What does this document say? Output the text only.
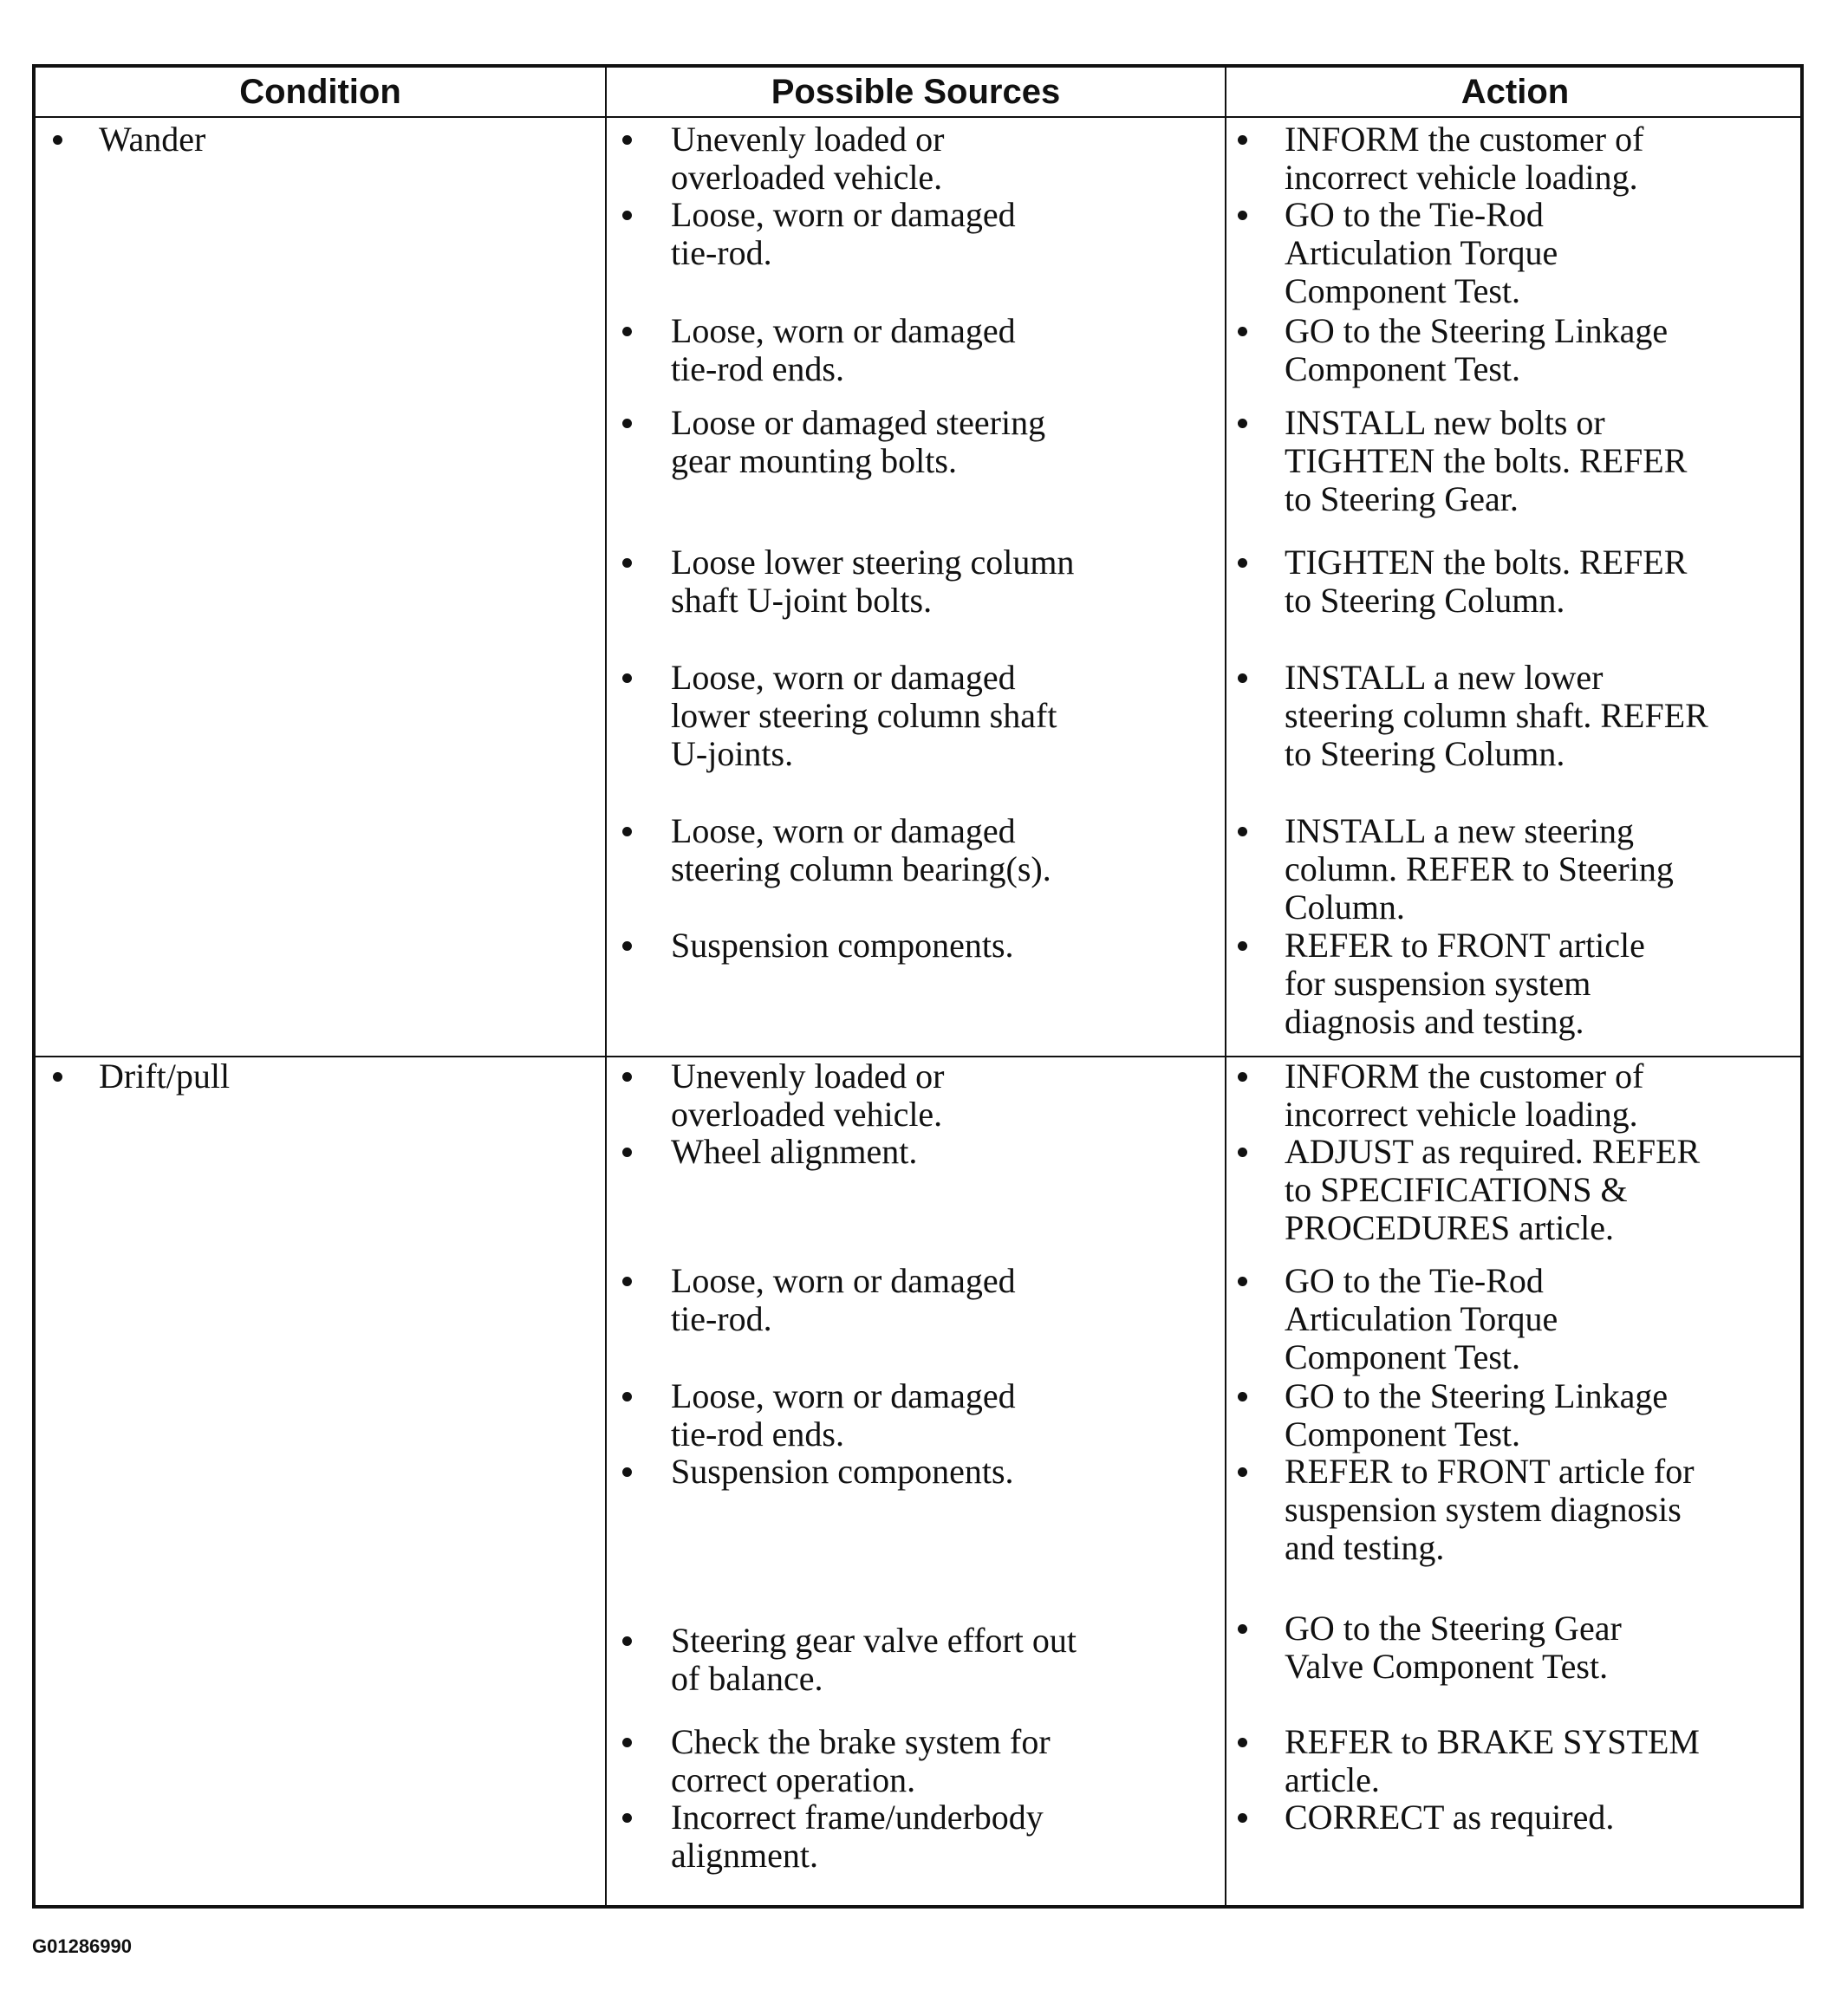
Condition	Possible Sources	Action
Wander
Drift/pull
Unevenly loaded or
overloaded vehicle.
Loose, worn or damaged
tie-rod.
Loose, worn or damaged
tie-rod ends.
Loose or damaged steering
gear mounting bolts.
Loose lower steering column
shaft U-joint bolts.
Loose, worn or damaged
lower steering column shaft
U-joints.
Loose, worn or damaged
steering column bearing(s).
Suspension components.
Unevenly loaded or
overloaded vehicle.
Wheel alignment.
Loose, worn or damaged
tie-rod.
Loose, worn or damaged
tie-rod ends.
Suspension components.
Steering gear valve effort out
of balance.
Check the brake system for
correct operation.
Incorrect frame/underbody
alignment.
INFORM the customer of
incorrect vehicle loading.
GO to the Tie-Rod
Articulation Torque
Component Test.
GO to the Steering Linkage
Component Test.
INSTALL new bolts or
TIGHTEN the bolts. REFER
to Steering Gear.
TIGHTEN the bolts. REFER
to Steering Column.
INSTALL a new lower
steering column shaft. REFER
to Steering Column.
INSTALL a new steering
column. REFER to Steering
Column.
REFER to FRONT article
for suspension system
diagnosis and testing.
INFORM the customer of
incorrect vehicle loading.
ADJUST as required. REFER
to SPECIFICATIONS &
PROCEDURES article.
GO to the Tie-Rod
Articulation Torque
Component Test.
GO to the Steering Linkage
Component Test.
REFER to FRONT article for
suspension system diagnosis
and testing.
GO to the Steering Gear
Valve Component Test.
REFER to BRAKE SYSTEM
article.
CORRECT as required.
G01286990
